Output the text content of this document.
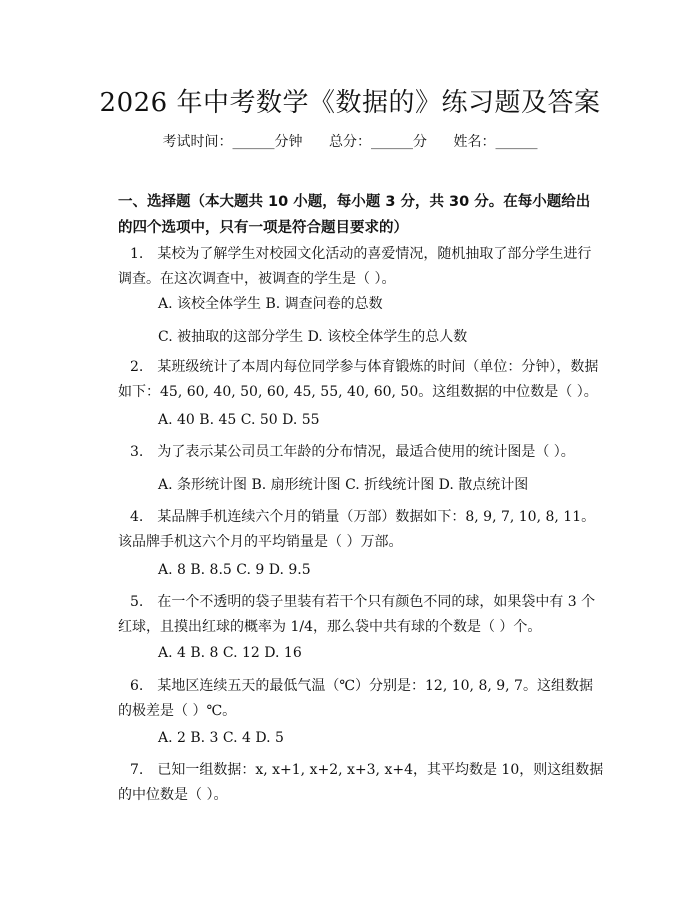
2026 年中考数学《数据的》练习题及答案
考试时间：______分钟 总分：______分 姓名：______
一、选择题（本大题共 10 小题，每小题 3 分，共 30 分。在每小题给出的四个选项中，只有一项是符合题目要求的）
1.　某校为了解学生对校园文化活动的喜爱情况，随机抽取了部分学生进行调查。在这次调查中，被调查的学生是（ ）。
A. 该校全体学生 B. 调查问卷的总数
C. 被抽取的这部分学生 D. 该校全体学生的总人数
2.　某班级统计了本周内每位同学参与体育锻炼的时间（单位：分钟），数据如下：45, 60, 40, 50, 60, 45, 55, 40, 60, 50。这组数据的中位数是（ ）。
A. 40 B. 45 C. 50 D. 55
3.　为了表示某公司员工年龄的分布情况，最适合使用的统计图是（ ）。
A. 条形统计图 B. 扇形统计图 C. 折线统计图 D. 散点统计图
4.　某品牌手机连续六个月的销量（万部）数据如下：8, 9, 7, 10, 8, 11。该品牌手机这六个月的平均销量是（ ）万部。
A. 8 B. 8.5 C. 9 D. 9.5
5.　在一个不透明的袋子里装有若干个只有颜色不同的球，如果袋中有 3 个红球，且摸出红球的概率为 1/4，那么袋中共有球的个数是（ ）个。
A. 4 B. 8 C. 12 D. 16
6.　某地区连续五天的最低气温（℃）分别是：12, 10, 8, 9, 7。这组数据的极差是（ ）℃。
A. 2 B. 3 C. 4 D. 5
7.　已知一组数据：x, x+1, x+2, x+3, x+4，其平均数是 10，则这组数据的中位数是（ ）。
